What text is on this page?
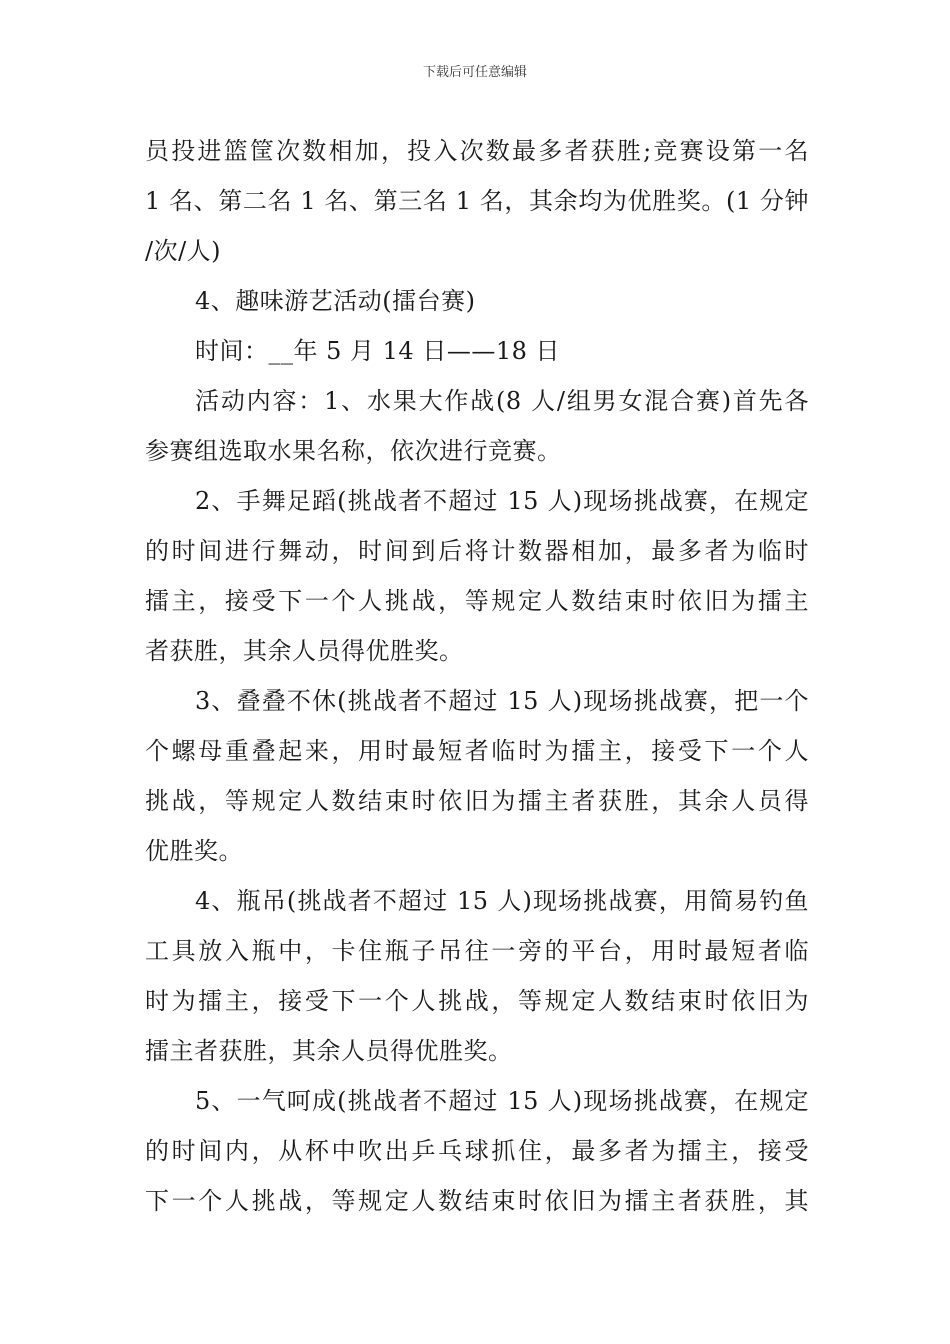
下载后可任意编辑
员投进篮筐次数相加，投入次数最多者获胜;竞赛设第一名
1 名、第二名 1 名、第三名 1 名，其余均为优胜奖。(1 分钟
/次/人)
4、趣味游艺活动(擂台赛)
时间：__年 5 月 14 日——18 日
活动内容：1、水果大作战(8 人/组男女混合赛)首先各
参赛组选取水果名称，依次进行竞赛。
2、手舞足蹈(挑战者不超过 15 人)现场挑战赛，在规定
的时间进行舞动，时间到后将计数器相加，最多者为临时
擂主，接受下一个人挑战，等规定人数结束时依旧为擂主
者获胜，其余人员得优胜奖。
3、叠叠不休(挑战者不超过 15 人)现场挑战赛，把一个
个螺母重叠起来，用时最短者临时为擂主，接受下一个人
挑战，等规定人数结束时依旧为擂主者获胜，其余人员得
优胜奖。
4、瓶吊(挑战者不超过 15 人)现场挑战赛，用简易钓鱼
工具放入瓶中，卡住瓶子吊往一旁的平台，用时最短者临
时为擂主，接受下一个人挑战，等规定人数结束时依旧为
擂主者获胜，其余人员得优胜奖。
5、一气呵成(挑战者不超过 15 人)现场挑战赛，在规定
的时间内，从杯中吹出乒乓球抓住，最多者为擂主，接受
下一个人挑战，等规定人数结束时依旧为擂主者获胜，其
